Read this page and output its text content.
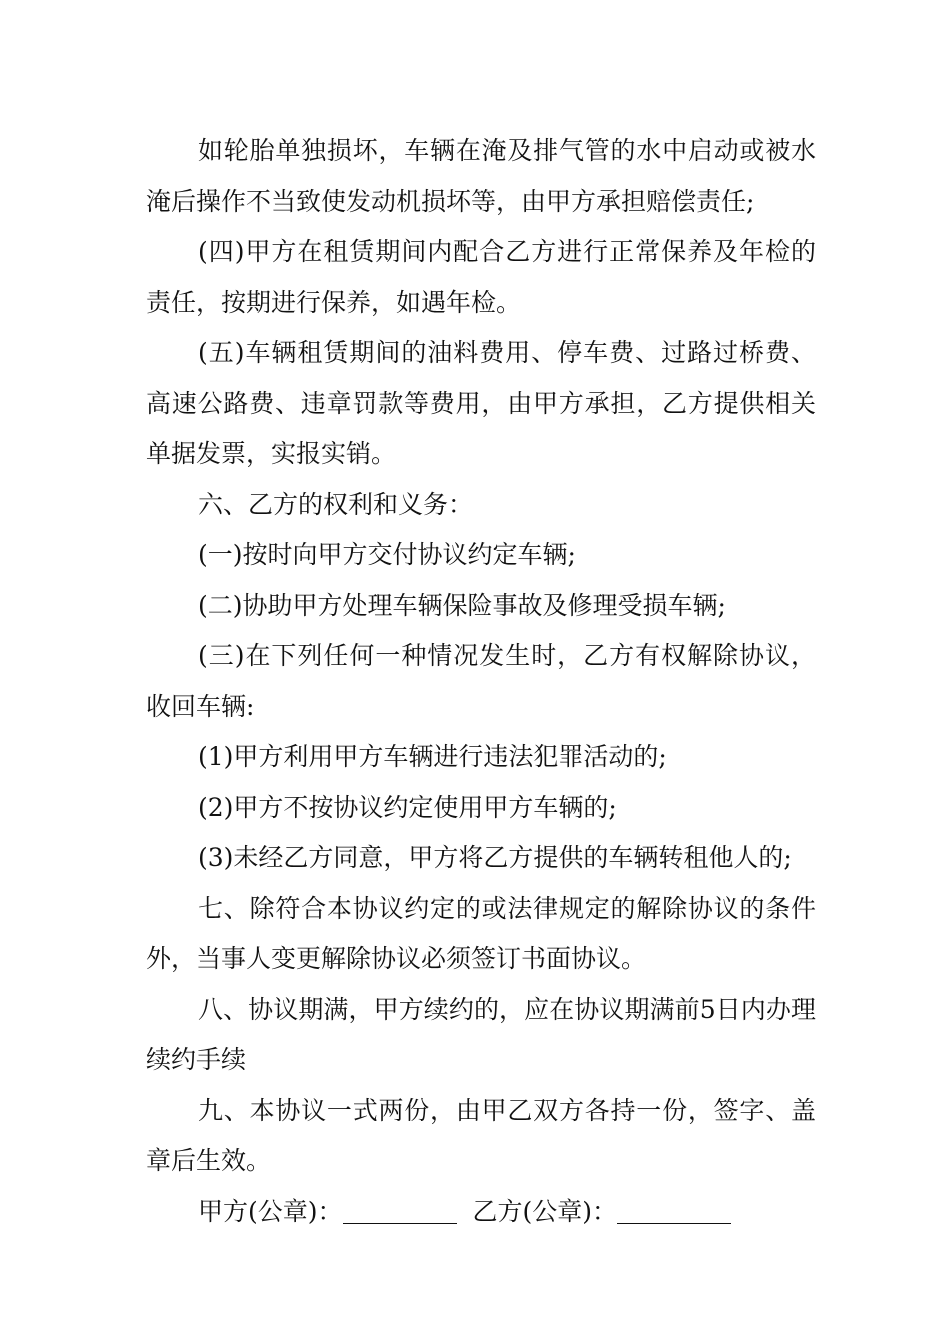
如轮胎单独损坏，车辆在淹及排气管的水中启动或被水淹后操作不当致使发动机损坏等，由甲方承担赔偿责任;

(四)甲方在租赁期间内配合乙方进行正常保养及年检的责任，按期进行保养，如遇年检。

(五)车辆租赁期间的油料费用、停车费、过路过桥费、高速公路费、违章罚款等费用，由甲方承担，乙方提供相关单据发票，实报实销。

六、乙方的权利和义务：

(一)按时向甲方交付协议约定车辆;

(二)协助甲方处理车辆保险事故及修理受损车辆;

(三)在下列任何一种情况发生时，乙方有权解除协议，收回车辆:

(1)甲方利用甲方车辆进行违法犯罪活动的;

(2)甲方不按协议约定使用甲方车辆的;

(3)未经乙方同意，甲方将乙方提供的车辆转租他人的;

七、除符合本协议约定的或法律规定的解除协议的条件外，当事人变更解除协议必须签订书面协议。

八、协议期满，甲方续约的，应在协议期满前5日内办理续约手续

九、本协议一式两份，由甲乙双方各持一份，签字、盖章后生效。

甲方(公章)：	乙方(公章)：
